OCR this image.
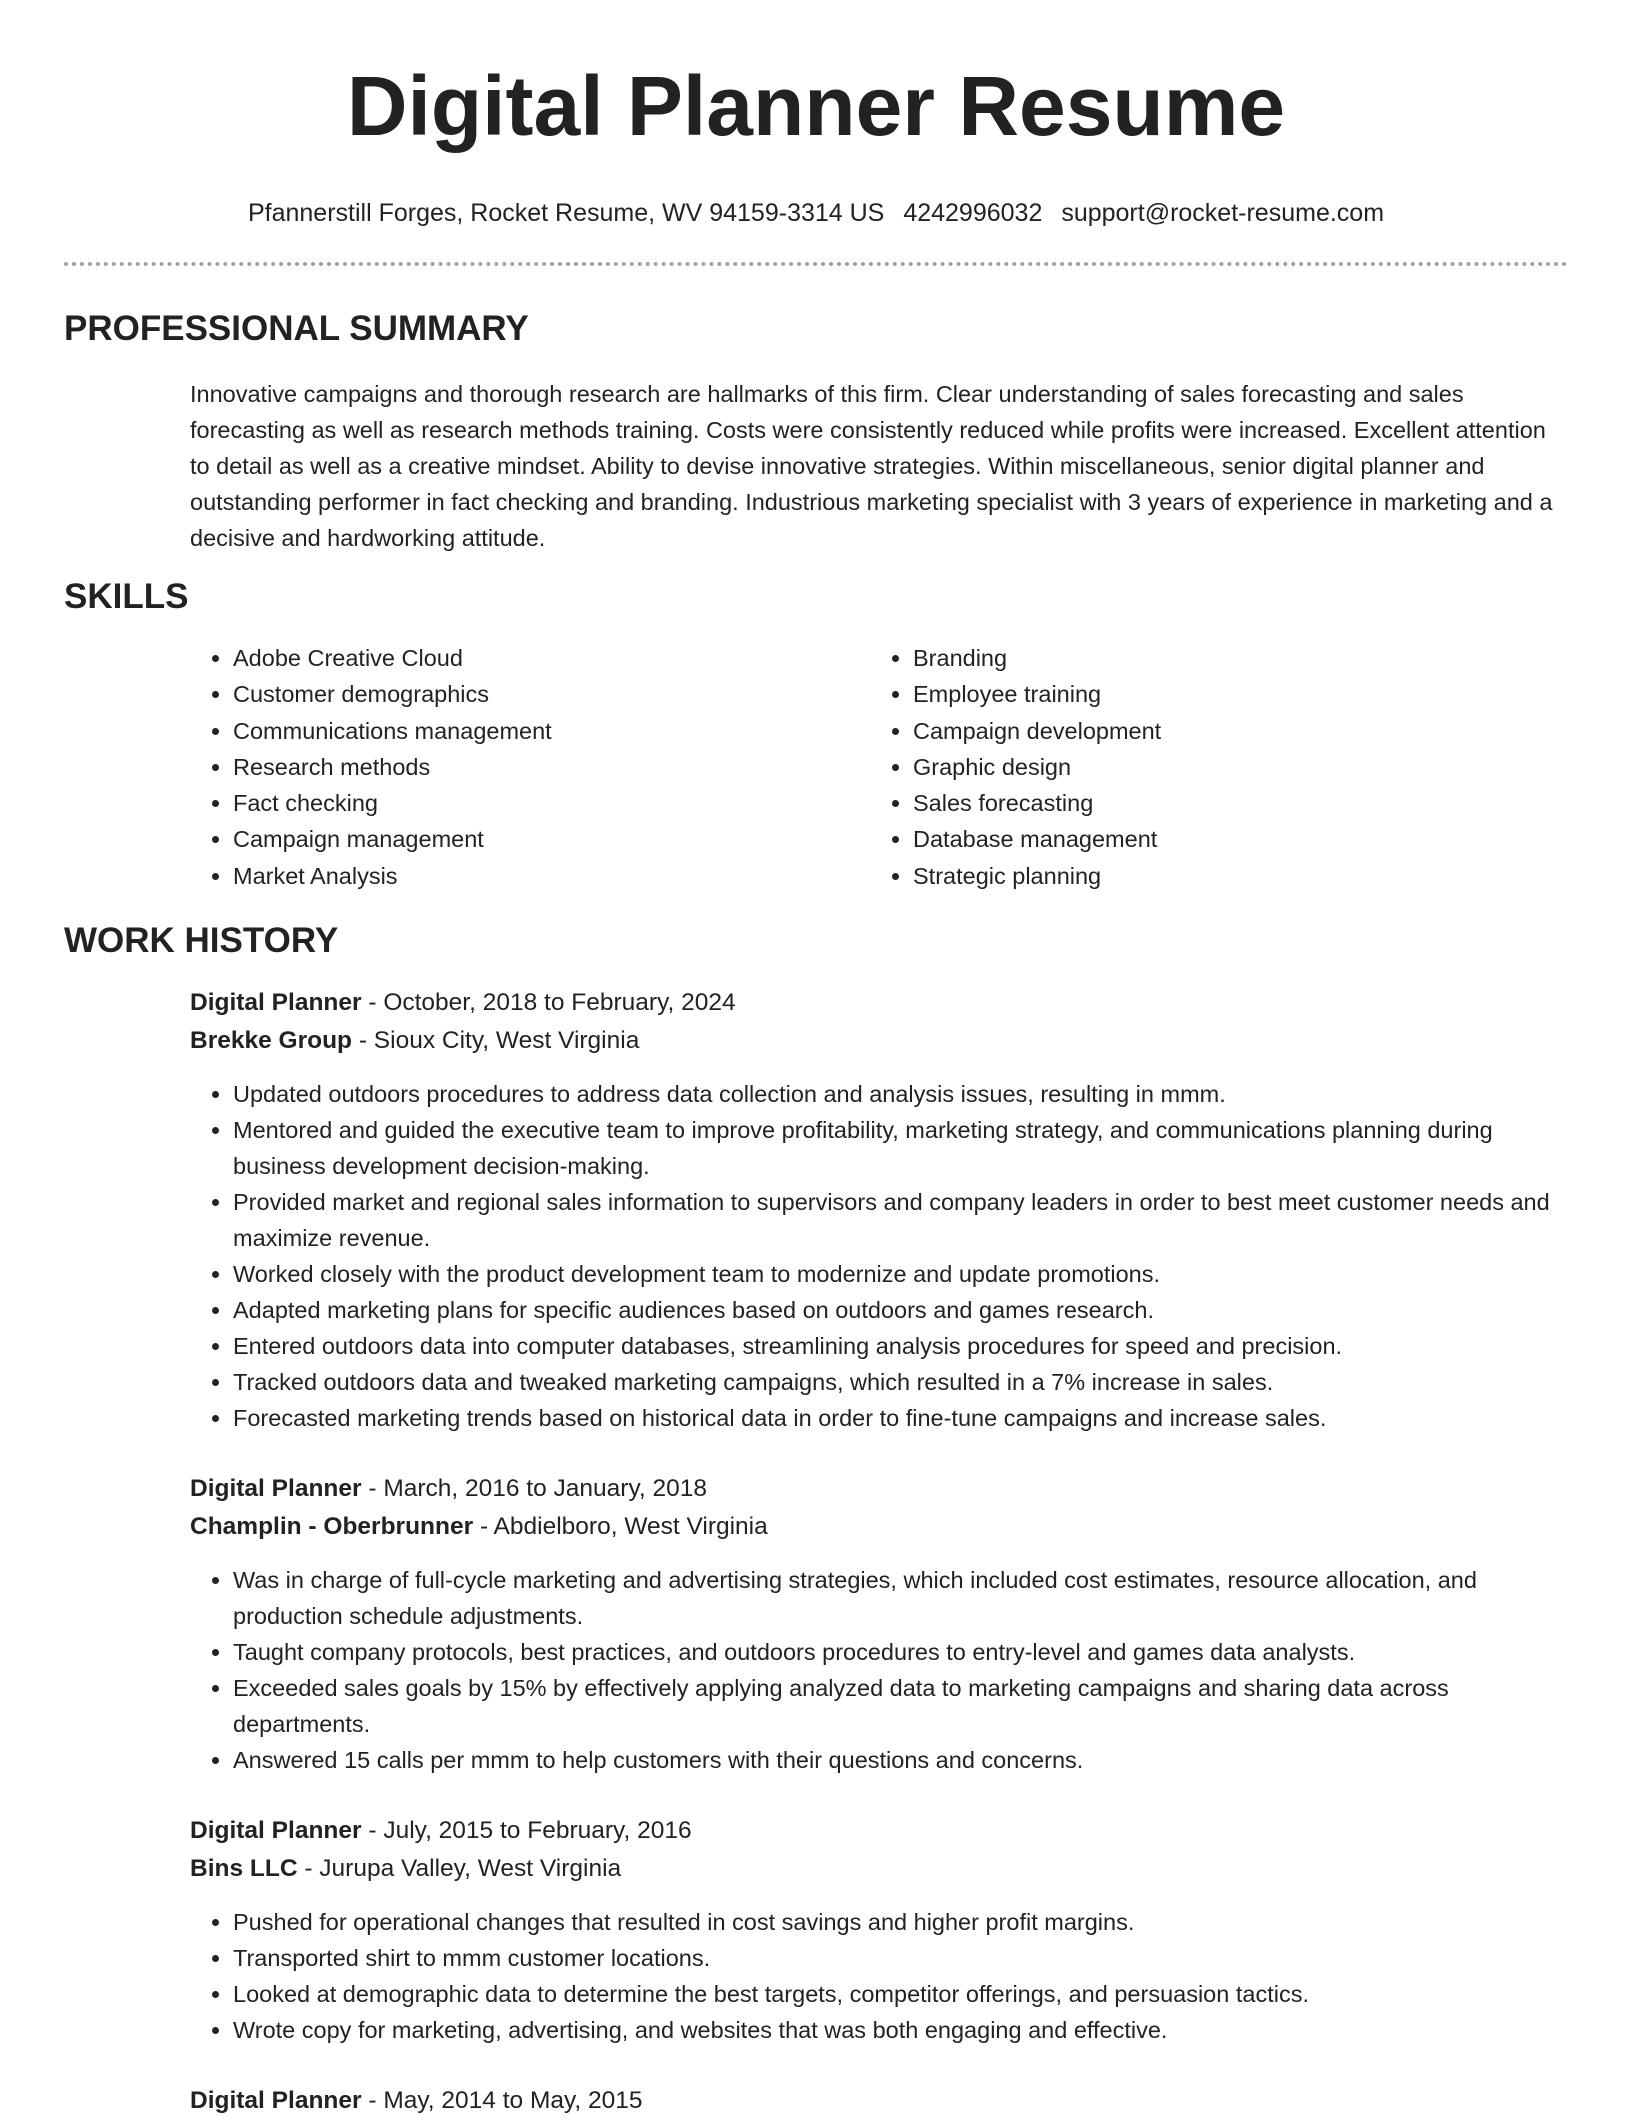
Digital Planner Resume
Pfannerstill Forges, Rocket Resume, WV 94159-3314 US 4242996032 support@rocket-resume.com
PROFESSIONAL SUMMARY

Innovative campaigns and thorough research are hallmarks of this firm. Clear understanding of sales forecasting and sales forecasting as well as research methods training. Costs were consistently reduced while profits were increased. Excellent attention to detail as well as a creative mindset. Ability to devise innovative strategies. Within miscellaneous, senior digital planner and outstanding performer in fact checking and branding. Industrious marketing specialist with 3 years of experience in marketing and a decisive and hardworking attitude.

SKILLS
• Adobe Creative Cloud
• Customer demographics
• Communications management
• Research methods
• Fact checking
• Campaign management
• Market Analysis
• Branding
• Employee training
• Campaign development
• Graphic design
• Sales forecasting
• Database management
• Strategic planning
WORK HISTORY
Digital Planner - October, 2018 to February, 2024
Brekke Group - Sioux City, West Virginia
• Updated outdoors procedures to address data collection and analysis issues, resulting in mmm.
• Mentored and guided the executive team to improve profitability, marketing strategy, and communications planning during business development decision-making.
• Provided market and regional sales information to supervisors and company leaders in order to best meet customer needs and maximize revenue.
• Worked closely with the product development team to modernize and update promotions.
• Adapted marketing plans for specific audiences based on outdoors and games research.
• Entered outdoors data into computer databases, streamlining analysis procedures for speed and precision.
• Tracked outdoors data and tweaked marketing campaigns, which resulted in a 7% increase in sales.
• Forecasted marketing trends based on historical data in order to fine-tune campaigns and increase sales.
Digital Planner - March, 2016 to January, 2018
Champlin - Oberbrunner - Abdielboro, West Virginia
• Was in charge of full-cycle marketing and advertising strategies, which included cost estimates, resource allocation, and production schedule adjustments.
• Taught company protocols, best practices, and outdoors procedures to entry-level and games data analysts.
• Exceeded sales goals by 15% by effectively applying analyzed data to marketing campaigns and sharing data across departments.
• Answered 15 calls per mmm to help customers with their questions and concerns.
Digital Planner - July, 2015 to February, 2016
Bins LLC - Jurupa Valley, West Virginia
• Pushed for operational changes that resulted in cost savings and higher profit margins.
• Transported shirt to mmm customer locations.
• Looked at demographic data to determine the best targets, competitor offerings, and persuasion tactics.
• Wrote copy for marketing, advertising, and websites that was both engaging and effective.
Digital Planner - May, 2014 to May, 2015
